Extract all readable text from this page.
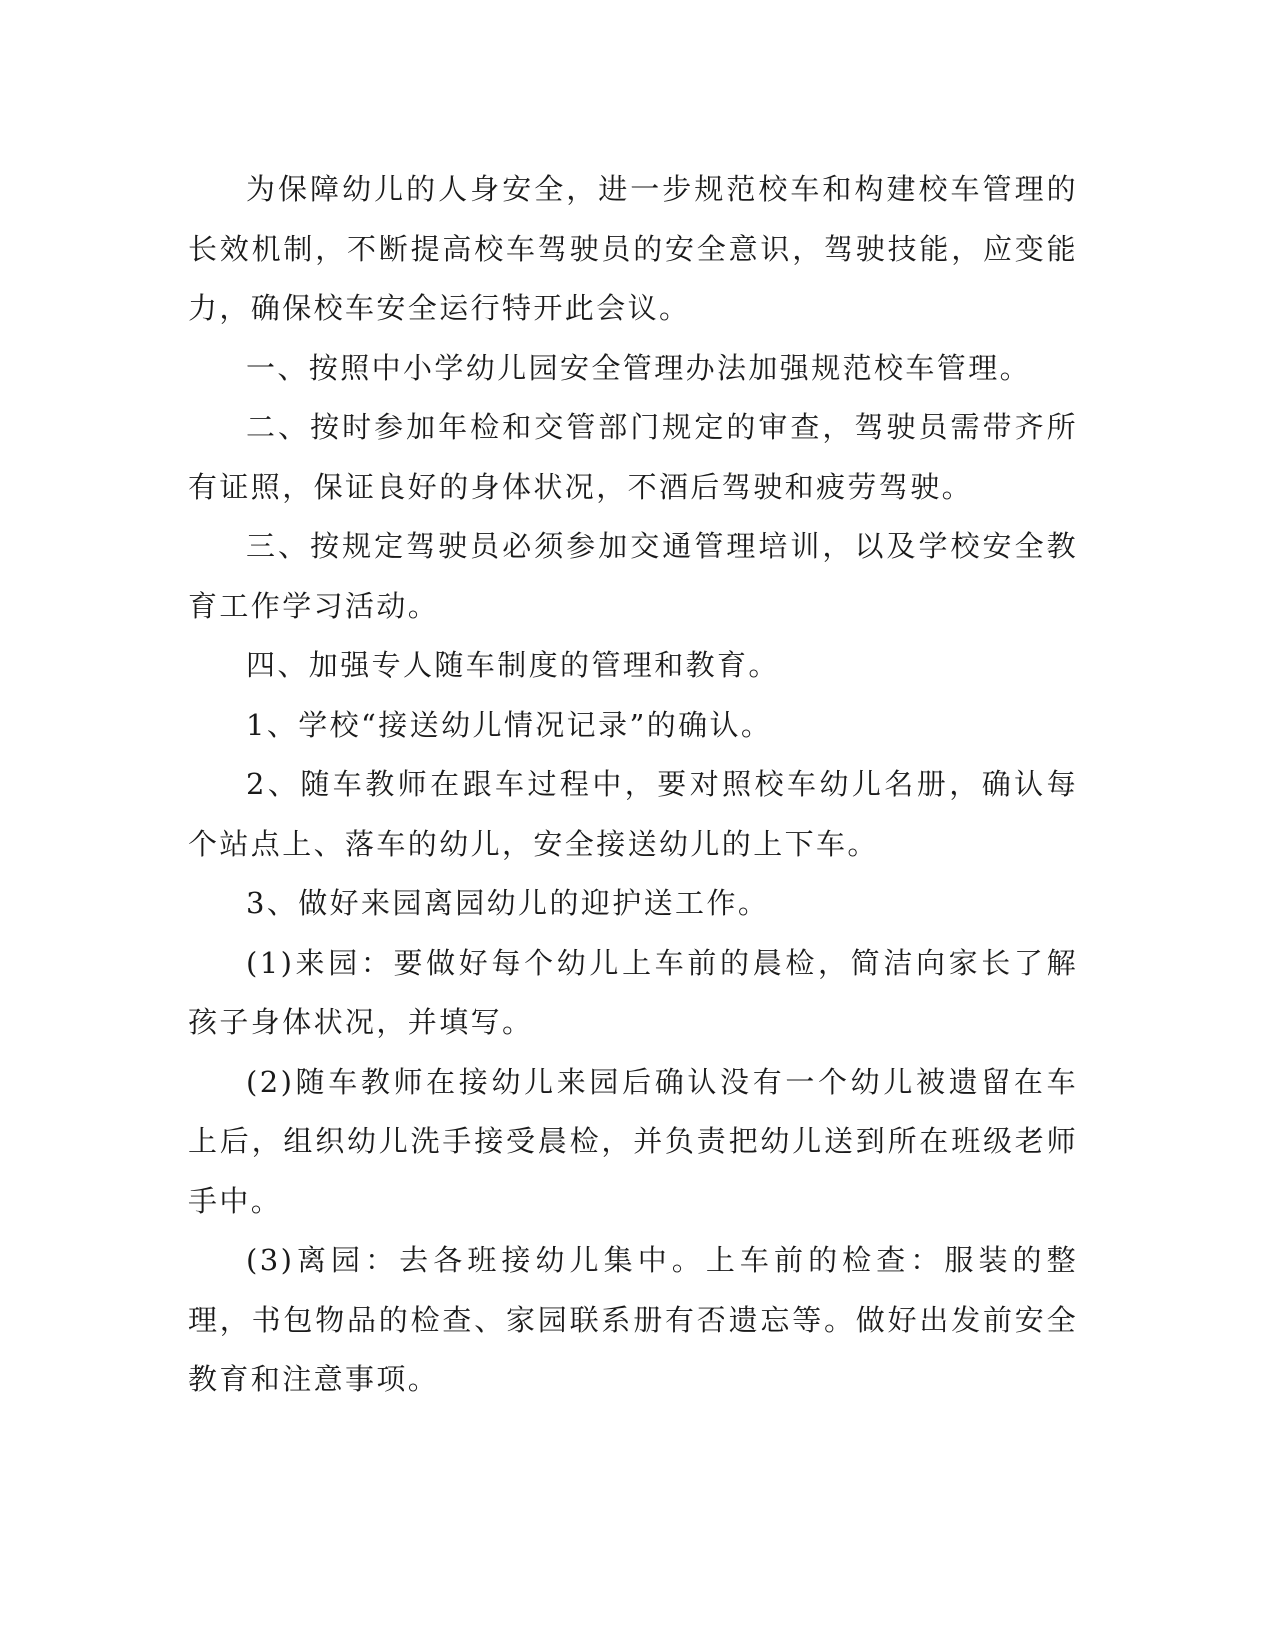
为保障幼儿的人身安全，进一步规范校车和构建校车管理的长效机制，不断提高校车驾驶员的安全意识，驾驶技能，应变能力，确保校车安全运行特开此会议。

一、按照中小学幼儿园安全管理办法加强规范校车管理。

二、按时参加年检和交管部门规定的审查，驾驶员需带齐所有证照，保证良好的身体状况，不酒后驾驶和疲劳驾驶。

三、按规定驾驶员必须参加交通管理培训，以及学校安全教育工作学习活动。

四、加强专人随车制度的管理和教育。

1、学校“接送幼儿情况记录”的确认。

2、随车教师在跟车过程中，要对照校车幼儿名册，确认每个站点上、落车的幼儿，安全接送幼儿的上下车。

3、做好来园离园幼儿的迎护送工作。

(1)来园：要做好每个幼儿上车前的晨检，简洁向家长了解孩子身体状况，并填写。

(2)随车教师在接幼儿来园后确认没有一个幼儿被遗留在车上后，组织幼儿洗手接受晨检，并负责把幼儿送到所在班级老师手中。

(3)离园：去各班接幼儿集中。上车前的检查：服装的整理，书包物品的检查、家园联系册有否遗忘等。做好出发前安全教育和注意事项。
